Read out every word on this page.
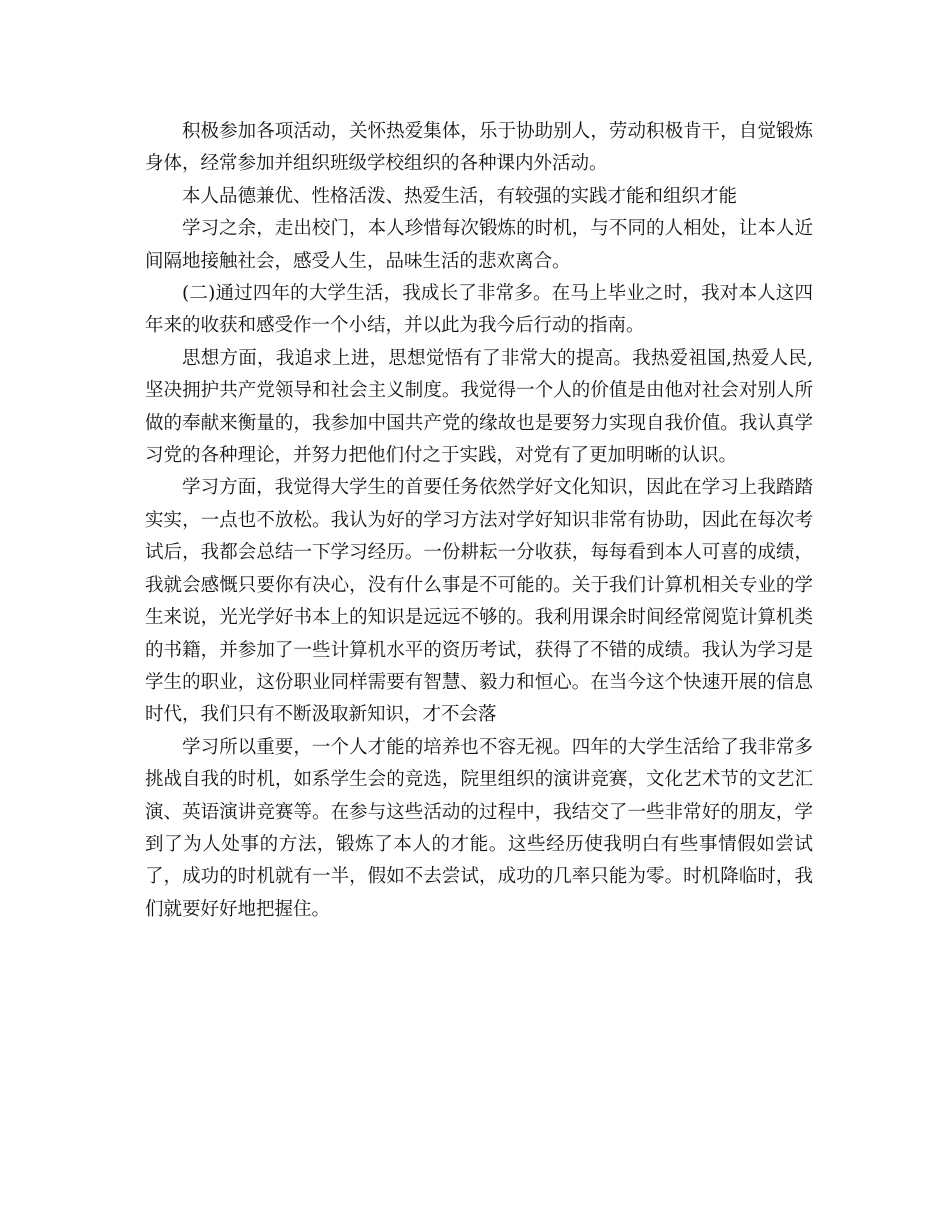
积极参加各项活动，关怀热爱集体，乐于协助别人，劳动积极肯干，自觉锻炼身体，经常参加并组织班级学校组织的各种课内外活动。

本人品德兼优、性格活泼、热爱生活，有较强的实践才能和组织才能

学习之余，走出校门，本人珍惜每次锻炼的时机，与不同的人相处，让本人近间隔地接触社会，感受人生，品味生活的悲欢离合。

(二)通过四年的大学生活，我成长了非常多。在马上毕业之时，我对本人这四年来的收获和感受作一个小结，并以此为我今后行动的指南。

思想方面，我追求上进，思想觉悟有了非常大的提高。我热爱祖国,热爱人民,坚决拥护共产党领导和社会主义制度。我觉得一个人的价值是由他对社会对别人所做的奉献来衡量的，我参加中国共产党的缘故也是要努力实现自我价值。我认真学习党的各种理论，并努力把他们付之于实践，对党有了更加明晰的认识。

学习方面，我觉得大学生的首要任务依然学好文化知识，因此在学习上我踏踏实实，一点也不放松。我认为好的学习方法对学好知识非常有协助，因此在每次考试后，我都会总结一下学习经历。一份耕耘一分收获，每每看到本人可喜的成绩，我就会感慨只要你有决心，没有什么事是不可能的。关于我们计算机相关专业的学生来说，光光学好书本上的知识是远远不够的。我利用课余时间经常阅览计算机类的书籍，并参加了一些计算机水平的资历考试，获得了不错的成绩。我认为学习是学生的职业，这份职业同样需要有智慧、毅力和恒心。在当今这个快速开展的信息时代，我们只有不断汲取新知识，才不会落

学习所以重要，一个人才能的培养也不容无视。四年的大学生活给了我非常多挑战自我的时机，如系学生会的竞选，院里组织的演讲竞赛，文化艺术节的文艺汇演、英语演讲竞赛等。在参与这些活动的过程中，我结交了一些非常好的朋友，学到了为人处事的方法，锻炼了本人的才能。这些经历使我明白有些事情假如尝试了，成功的时机就有一半，假如不去尝试，成功的几率只能为零。时机降临时，我们就要好好地把握住。
